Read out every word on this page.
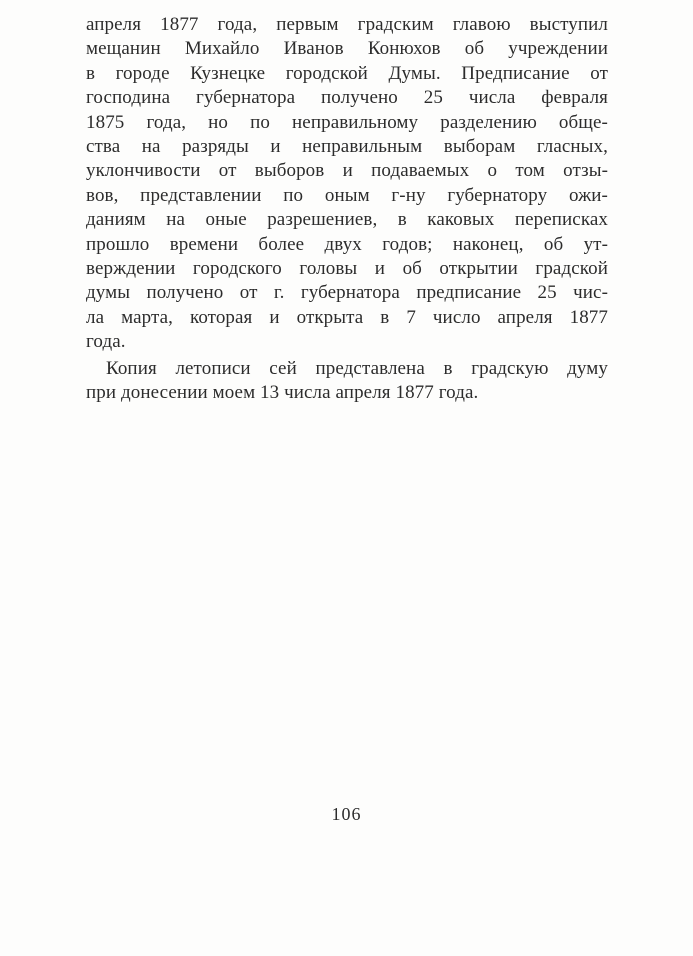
апреля 1877 года, первым градским главою выступил
мещанин Михайло Иванов Конюхов об учреждении
в городе Кузнецке городской Думы. Предписание от
господина губернатора получено 25 числа февраля
1875 года, но по неправильному разделению обще-
ства на разряды и неправильным выборам гласных,
уклончивости от выборов и подаваемых о том отзы-
вов, представлении по оным г-ну губернатору ожи-
даниям на оные разрешениев, в каковых переписках
прошло времени более двух годов; наконец, об ут-
верждении городского головы и об открытии градской
думы получено от г. губернатора предписание 25 чис-
ла марта, которая и открыта в 7 число апреля 1877
года.
Копия летописи сей представлена в градскую думу
при донесении моем 13 числа апреля 1877 года.
106
